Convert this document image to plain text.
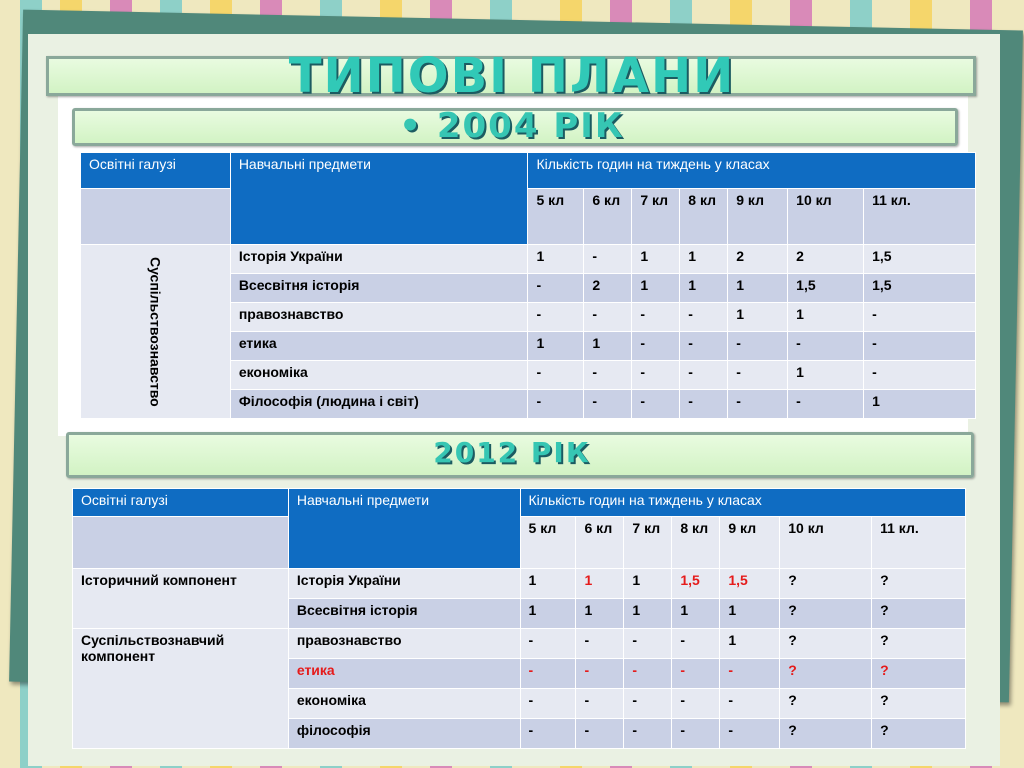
ТИПОВІ ПЛАНИ
• 2004 РІК
2012 РІК
Освітні галузі	Навчальні предмети	Кількість годин на тиждень у класах						
		5 кл	6 кл	7 кл	8 кл	9 кл	10 кл	11 кл.
Суспільствознавство	Історія України	1	-	1	1	2	2	1,5
	Всесвітня історія	-	2	1	1	1	1,5	1,5
	правознавство	-	-	-	-	1	1	-
	етика	1	1	-	-	-	-	-
	економіка	-	-	-	-	-	1	-
	Філософія (людина і світ)	-	-	-	-	-	-	1
Освітні галузі	Навчальні предмети	Кількість годин на тиждень у класах						
		5 кл	6 кл	7 кл	8 кл	9 кл	10 кл	11 кл.
Історичний компонент	Історія України	1	1	1	1,5	1,5	?	?
	Всесвітня історія	1	1	1	1	1	?	?
Суспільствознавчий компонент	правознавство	-	-	-	-	1	?	?
	етика	-	-	-	-	-	?	?
	економіка	-	-	-	-	-	?	?
	філософія	-	-	-	-	-	?	?
